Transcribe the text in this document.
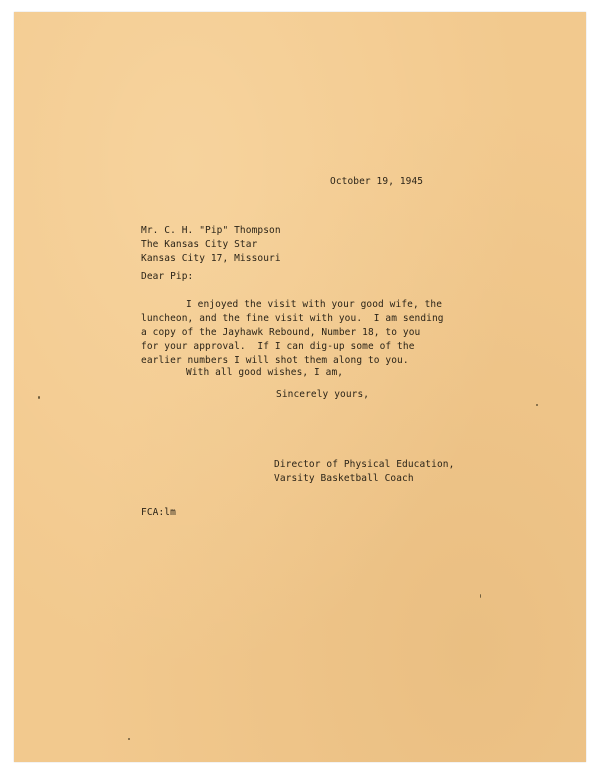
October 19, 1945
Mr. C. H. "Pip" Thompson
The Kansas City Star
Kansas City 17, Missouri
Dear Pip:
I enjoyed the visit with your good wife, the
luncheon, and the fine visit with you.  I am sending
a copy of the Jayhawk Rebound, Number 18, to you
for your approval.  If I can dig-up some of the
earlier numbers I will shot them along to you.
With all good wishes, I am,
Sincerely yours,
Director of Physical Education,
Varsity Basketball Coach
FCA:lm
